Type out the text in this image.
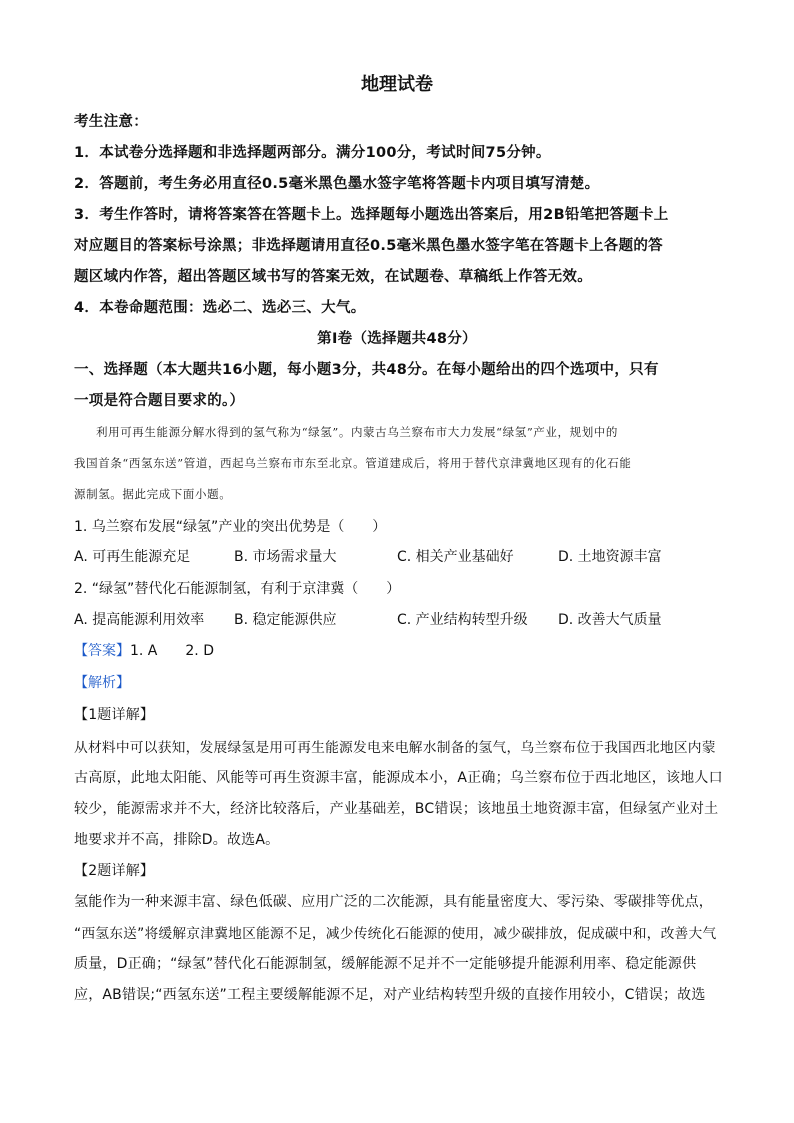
地理试卷
考生注意：
1．本试卷分选择题和非选择题两部分。满分100分，考试时间75分钟。
2．答题前，考生务必用直径0.5毫米黑色墨水签字笔将答题卡内项目填写清楚。
3．考生作答时，请将答案答在答题卡上。选择题每小题选出答案后，用2B铅笔把答题卡上
对应题目的答案标号涂黑；非选择题请用直径0.5毫米黑色墨水签字笔在答题卡上各题的答
题区域内作答，超出答题区域书写的答案无效，在试题卷、草稿纸上作答无效。
4．本卷命题范围：选必二、选必三、大气。
第Ⅰ卷（选择题共48分）
一、选择题（本大题共16小题，每小题3分，共48分。在每小题给出的四个选项中，只有
一项是符合题目要求的。）
利用可再生能源分解水得到的氢气称为“绿氢”。内蒙古乌兰察布市大力发展“绿氢”产业，规划中的
我国首条“西氢东送”管道，西起乌兰察布市东至北京。管道建成后，将用于替代京津冀地区现有的化石能
源制氢。据此完成下面小题。
1. 乌兰察布发展“绿氢”产业的突出优势是（　　）
A. 可再生能源充足	B. 市场需求量大	C. 相关产业基础好	D. 土地资源丰富
2. “绿氢”替代化石能源制氢，有利于京津冀（　　）
A. 提高能源利用效率 B. 稳定能源供应	C. 产业结构转型升级 D. 改善大气质量
【答案】1. A　　2. D
【解析】
【1题详解】
从材料中可以获知，发展绿氢是用可再生能源发电来电解水制备的氢气，乌兰察布位于我国西北地区内蒙
古高原，此地太阳能、风能等可再生资源丰富，能源成本小，A正确；乌兰察布位于西北地区，该地人口
较少，能源需求并不大，经济比较落后，产业基础差，BC错误；该地虽土地资源丰富，但绿氢产业对土
地要求并不高，排除D。故选A。
【2题详解】
氢能作为一种来源丰富、绿色低碳、应用广泛的二次能源，具有能量密度大、零污染、零碳排等优点，
“西氢东送”将缓解京津冀地区能源不足，减少传统化石能源的使用，减少碳排放，促成碳中和，改善大气
质量，D正确；“绿氢”替代化石能源制氢，缓解能源不足并不一定能够提升能源利用率、稳定能源供
应，AB错误;“西氢东送”工程主要缓解能源不足，对产业结构转型升级的直接作用较小，C错误；故选
